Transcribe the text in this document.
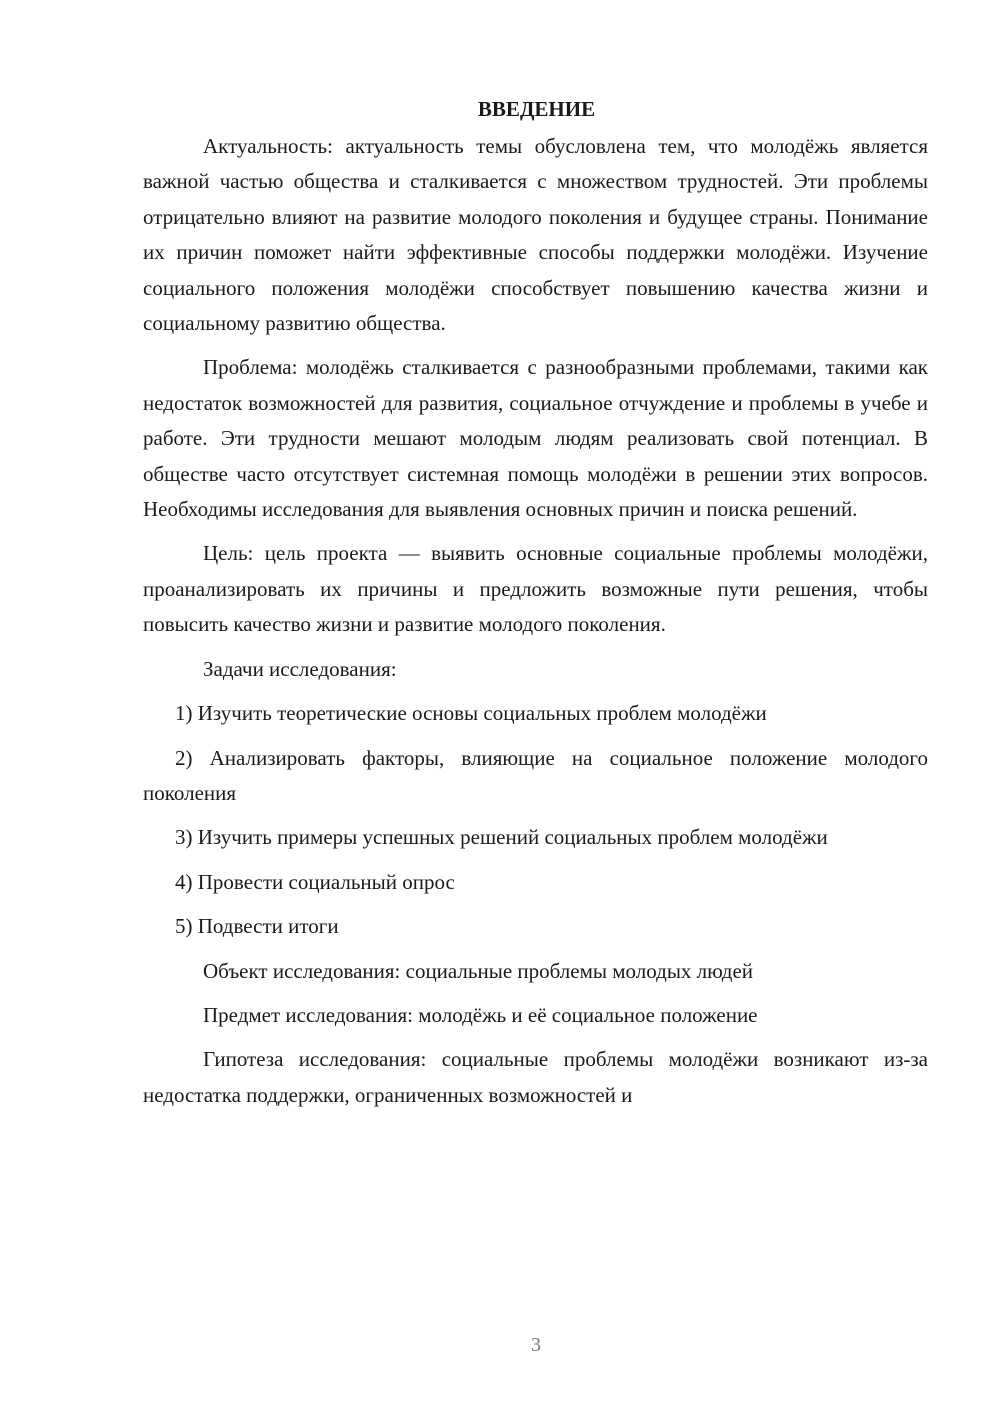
ВВЕДЕНИЕ

Актуальность: актуальность темы обусловлена тем, что молодёжь является важной частью общества и сталкивается с множеством трудностей. Эти проблемы отрицательно влияют на развитие молодого поколения и будущее страны. Понимание их причин поможет найти эффективные способы поддержки молодёжи. Изучение социального положения молодёжи способствует повышению качества жизни и социальному развитию общества.

Проблема: молодёжь сталкивается с разнообразными проблемами, такими как недостаток возможностей для развития, социальное отчуждение и проблемы в учебе и работе. Эти трудности мешают молодым людям реализовать свой потенциал. В обществе часто отсутствует системная помощь молодёжи в решении этих вопросов. Необходимы исследования для выявления основных причин и поиска решений.

Цель: цель проекта — выявить основные социальные проблемы молодёжи, проанализировать их причины и предложить возможные пути решения, чтобы повысить качество жизни и развитие молодого поколения.

Задачи исследования:

1) Изучить теоретические основы социальных проблем молодёжи

2) Анализировать факторы, влияющие на социальное положение молодого поколения

3) Изучить примеры успешных решений социальных проблем молодёжи

4) Провести социальный опрос

5) Подвести итоги

Объект исследования: социальные проблемы молодых людей

Предмет исследования: молодёжь и её социальное положение

Гипотеза исследования: социальные проблемы молодёжи возникают из-за недостатка поддержки, ограниченных возможностей и

3
